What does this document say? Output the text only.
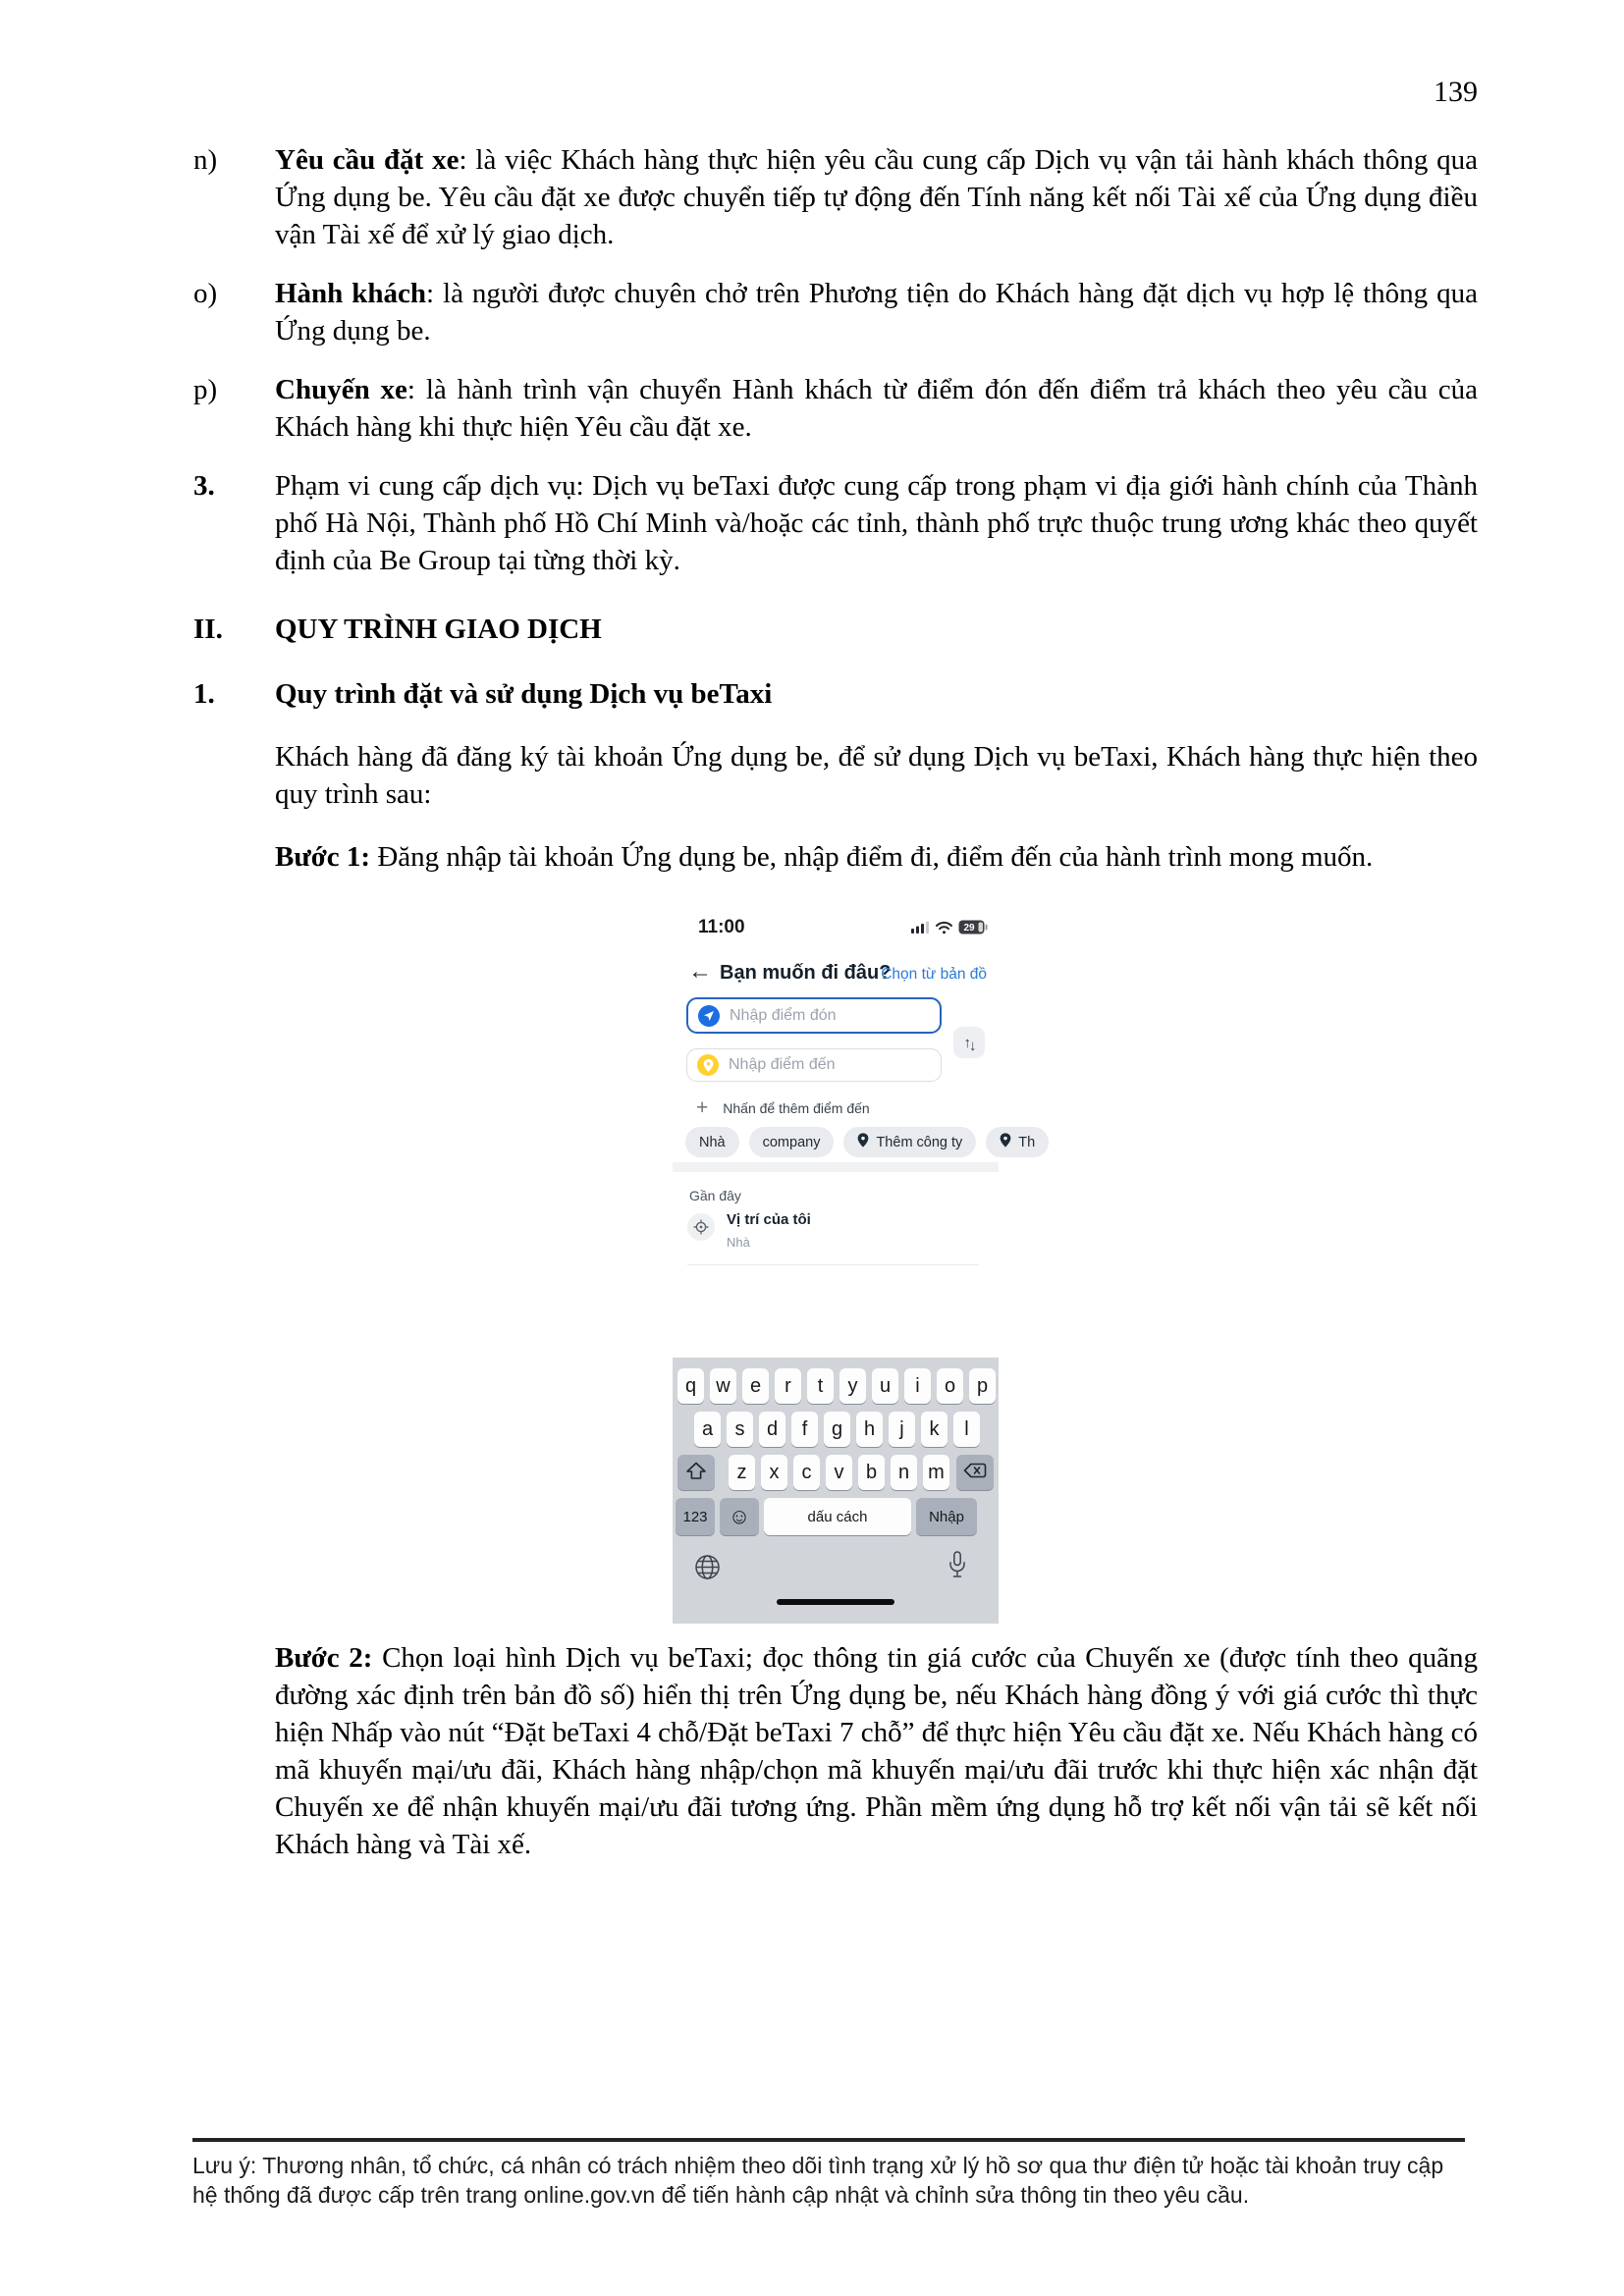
139

n) Yêu cầu đặt xe: là việc Khách hàng thực hiện yêu cầu cung cấp Dịch vụ vận tải hành khách thông qua Ứng dụng be. Yêu cầu đặt xe được chuyển tiếp tự động đến Tính năng kết nối Tài xế của Ứng dụng điều vận Tài xế để xử lý giao dịch.

o) Hành khách: là người được chuyên chở trên Phương tiện do Khách hàng đặt dịch vụ hợp lệ thông qua Ứng dụng be.

p) Chuyến xe: là hành trình vận chuyển Hành khách từ điểm đón đến điểm trả khách theo yêu cầu của Khách hàng khi thực hiện Yêu cầu đặt xe.

3. Phạm vi cung cấp dịch vụ: Dịch vụ beTaxi được cung cấp trong phạm vi địa giới hành chính của Thành phố Hà Nội, Thành phố Hồ Chí Minh và/hoặc các tỉnh, thành phố trực thuộc trung ương khác theo quyết định của Be Group tại từng thời kỳ.

II. QUY TRÌNH GIAO DỊCH

1. Quy trình đặt và sử dụng Dịch vụ beTaxi

Khách hàng đã đăng ký tài khoản Ứng dụng be, để sử dụng Dịch vụ beTaxi, Khách hàng thực hiện theo quy trình sau:

Bước 1: Đăng nhập tài khoản Ứng dụng be, nhập điểm đi, điểm đến của hành trình mong muốn.

11:00	29
← Bạn muốn đi đâu?
Chọn từ bản đồ
Nhập điểm đón
↑ ↓
Nhập điểm đến
+ Nhấn để thêm điểm đến
Nhà	company	Thêm công ty	Th
Gần đây
Vị trí của tôi
Nhà
q	w	e	r	t	y	u	i	o	p
a	s	d	f	g	h	j	k	l
z	x	c	v	b	n m
123 ☺	dấu cách	Nhập

Bước 2: Chọn loại hình Dịch vụ beTaxi; đọc thông tin giá cước của Chuyến xe (được tính theo quãng đường xác định trên bản đồ số) hiển thị trên Ứng dụng be, nếu Khách hàng đồng ý với giá cước thì thực hiện Nhấp vào nút “Đặt beTaxi 4 chỗ/Đặt beTaxi 7 chỗ” để thực hiện Yêu cầu đặt xe. Nếu Khách hàng có mã khuyến mại/ưu đãi, Khách hàng nhập/chọn mã khuyến mại/ưu đãi trước khi thực hiện xác nhận đặt Chuyến xe để nhận khuyến mại/ưu đãi tương ứng. Phần mềm ứng dụng hỗ trợ kết nối vận tải sẽ kết nối Khách hàng và Tài xế.

Lưu ý: Thương nhân, tổ chức, cá nhân có trách nhiệm theo dõi tình trạng xử lý hồ sơ qua thư điện tử hoặc tài khoản truy cập hệ thống đã được cấp trên trang online.gov.vn để tiến hành cập nhật và chỉnh sửa thông tin theo yêu cầu.
